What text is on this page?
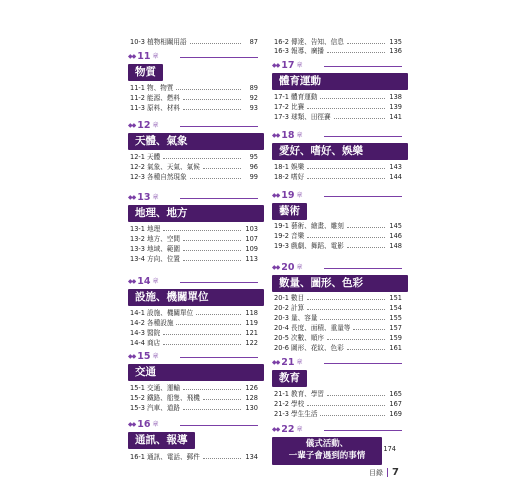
10-3 植物相關用語	87
◆◆ 11 章
物質
11-1 物、物質	89
11-2 能源、燃料	92
11-3 原料、材料	93
◆◆ 12 章
天體、氣象
12-1 天體	95
12-2 氣象、天氣、氣候	96
12-3 各種自然現象	99
◆◆ 13 章
地理、地方
13-1 地理	103
13-2 地方、空間	107
13-3 地域、範圍	109
13-4 方向、位置	113
◆◆ 14 章
設施、機關單位
14-1 設施、機關單位	118
14-2 各種設施	119
14-3 醫院	121
14-4 商店	122
◆◆ 15 章
交通
15-1 交通、運輸	126
15-2 鐵路、船隻、飛機	128
15-3 汽車、道路	130
◆◆ 16 章
通訊、報導
16-1 通訊、電話、郵件	134
16-2 傳達、告知、信息	135
16-3 報導、廣播	136
◆◆ 17 章
體育運動
17-1 體育運動	138
17-2 比賽	139
17-3 球類、田徑賽	141
◆◆ 18 章
愛好、嗜好、娛樂
18-1 娛樂	143
18-2 嗜好	144
◆◆ 19 章
藝術
19-1 藝術、繪畫、雕刻	145
19-2 音樂	146
19-3 戲劇、舞蹈、電影	148
◆◆ 20 章
數量、圖形、色彩
20-1 數目	151
20-2 計算	154
20-3 量、容量	155
20-4 長度、面積、重量等	157
20-5 次數、順序	159
20-6 圖形、花紋、色彩	161
◆◆ 21 章
教育
21-1 教育、學習	165
21-2 學校	167
21-3 學生生活	169
◆◆ 22 章
儀式活動、
一輩子會遇到的事情
174
目錄 7
